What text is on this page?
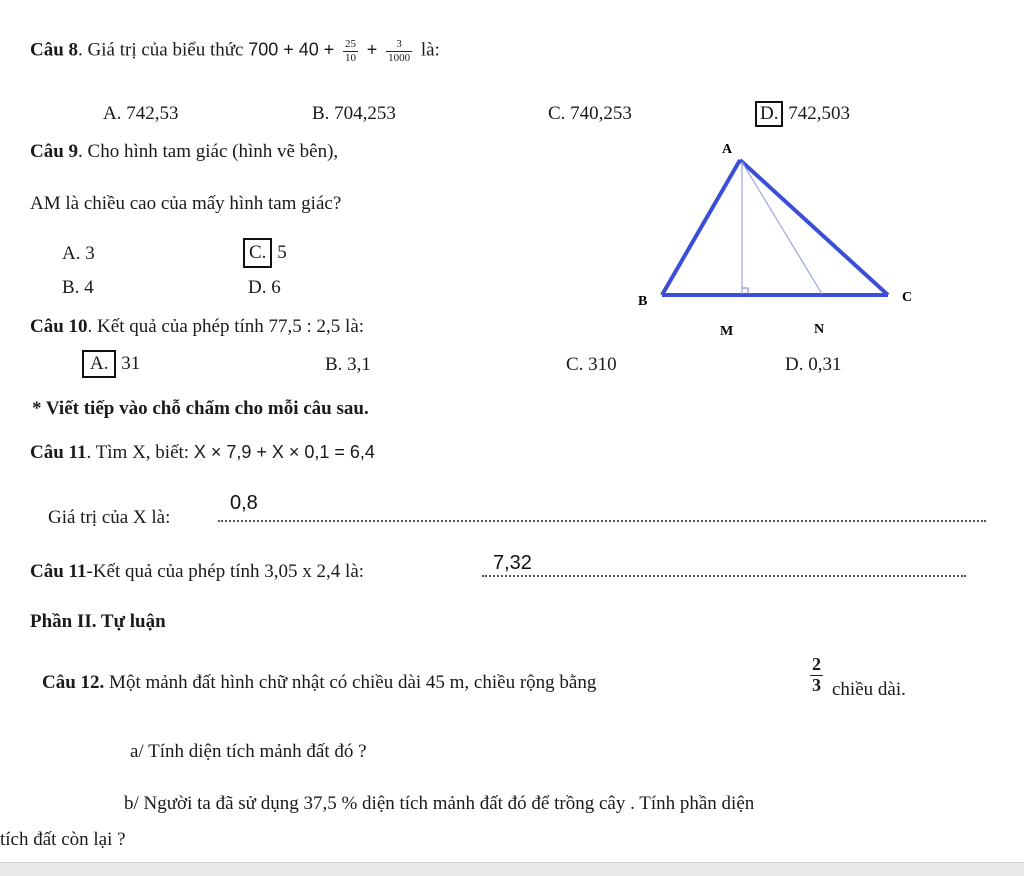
Câu 8. Giá trị của biểu thức $700 + 40 + \frac{25}{10} + \frac{3}{1000}$ là:
A. 742,53	B. 704,253	C. 740,253	D. 742,503
Câu 9. Cho hình tam giác (hình vẽ bên),
AM là chiều cao của mấy hình tam giác?
A. 3	C. 5
B. 4	D. 6
A
B	C
M	N
Câu 10. Kết quả của phép tính 77,5 : 2,5 là:
A. 31	B. 3,1	C. 310	D. 0,31
* Viết tiếp vào chỗ chấm cho mỗi câu sau.
Câu 11. Tìm X, biết: X × 7,9 + X × 0,1 = 6,4
Giá trị của X là:
0,8
Câu 11-Kết quả của phép tính 3,05 x 2,4 là:	7,32
Phần II. Tự luận
Câu 12. Một mảnh đất hình chữ nhật có chiều dài 45 m, chiều rộng bằng	$\frac{2}{3}$ chiều dài.
a/ Tính diện tích mảnh đất đó ?
b/ Người ta đã sử dụng 37,5 % diện tích mảnh đất đó để trồng cây . Tính phần diện
tích đất còn lại ?
